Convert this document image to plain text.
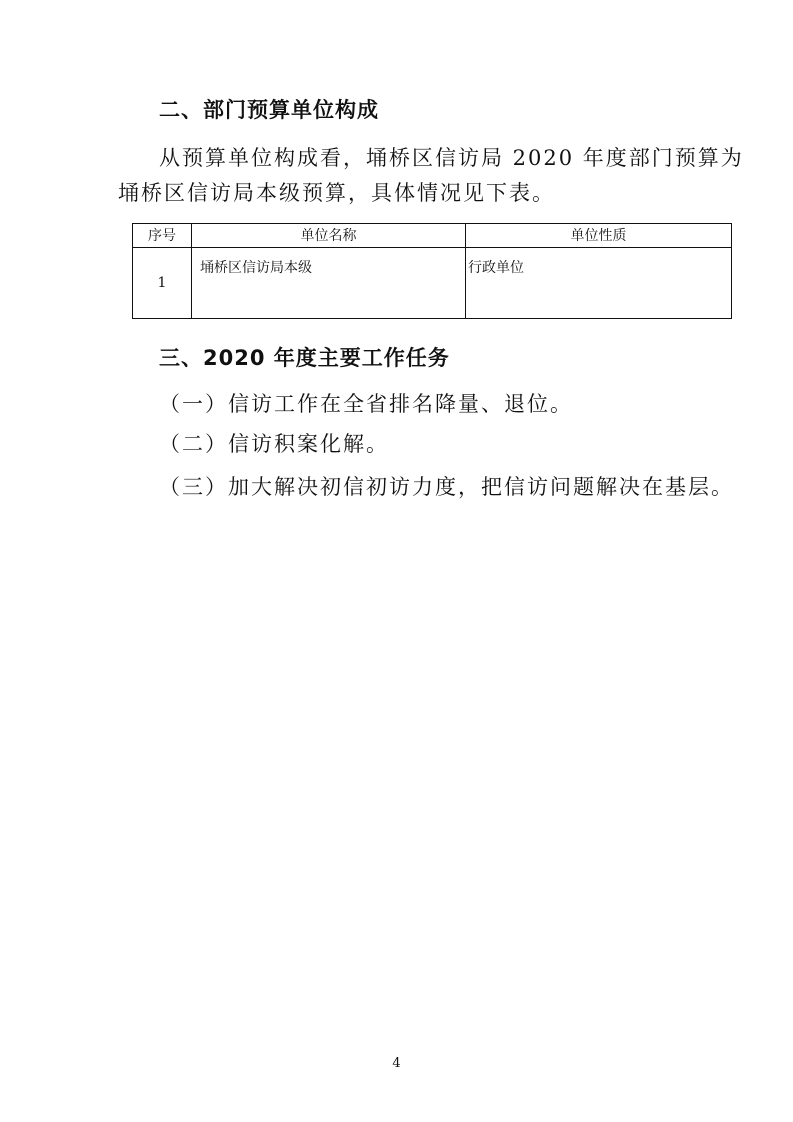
二、部门预算单位构成
从预算单位构成看，埇桥区信访局 2020 年度部门预算为
埇桥区信访局本级预算，具体情况见下表。
序号	单位名称	单位性质
1	埇桥区信访局本级	行政单位
三、2020 年度主要工作任务
（一）信访工作在全省排名降量、退位。
（二）信访积案化解。
（三）加大解决初信初访力度，把信访问题解决在基层。
4
